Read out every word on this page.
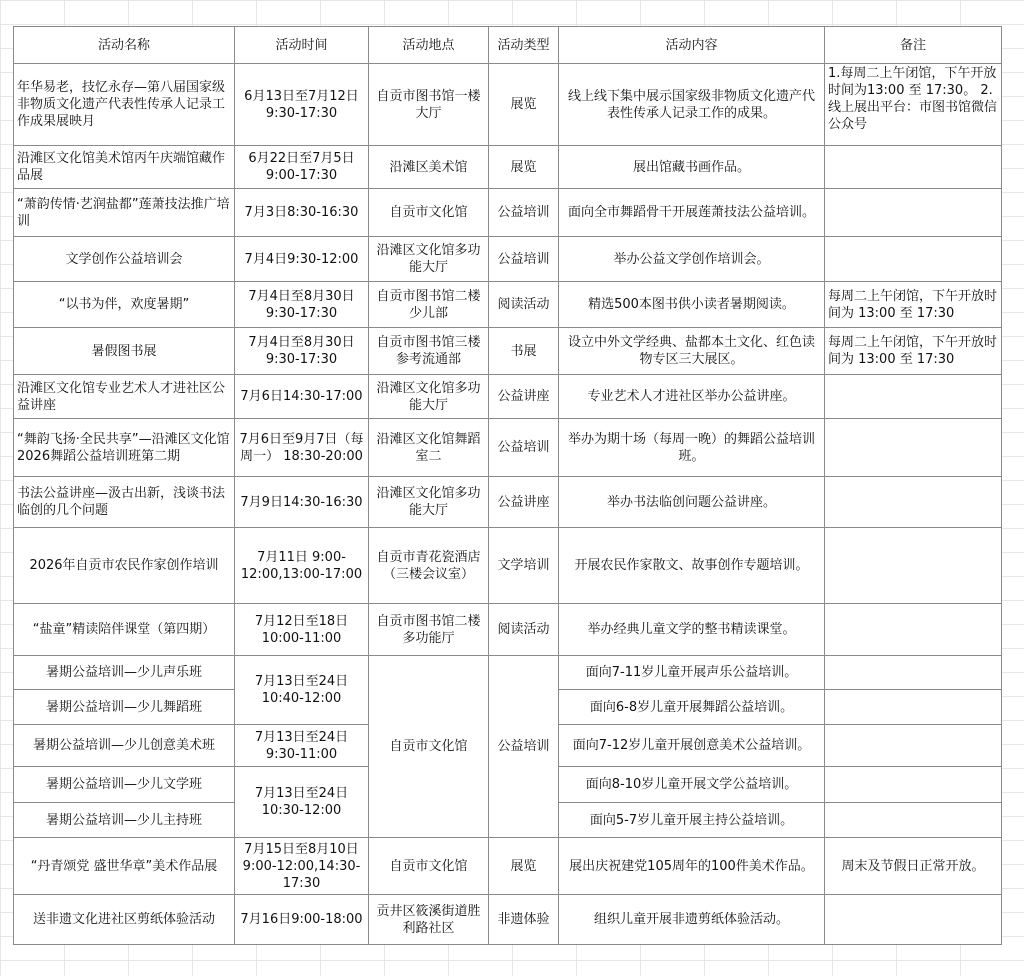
活动名称	活动时间	活动地点	活动类型	活动内容	备注
年华易老，技忆永存—第八届国家级非物质文化遗产代表性传承人记录工作成果展映月	6月13日至7月12日 9:30-17:30	自贡市图书馆一楼大厅	展览	线上线下集中展示国家级非物质文化遗产代表性传承人记录工作的成果。	1.每周二上午闭馆，下午开放时间为13:00 至 17:30。 2.线上展出平台：市图书馆微信公众号

沿滩区文化馆美术馆丙午庆端馆藏作品展	6月22日至7月5日 9:00-17:30	沿滩区美术馆	展览	展出馆藏书画作品。	
“萧韵传情·艺润盐都”莲萧技法推广培训	7月3日8:30-16:30	自贡市文化馆	公益培训	面向全市舞蹈骨干开展莲萧技法公益培训。	
文学创作公益培训会	7月4日9:30-12:00	沿滩区文化馆多功能大厅	公益培训	举办公益文学创作培训会。	
“以书为伴，欢度暑期”	7月4日至8月30日 9:30-17:30	自贡市图书馆二楼少儿部	阅读活动	精选500本图书供小读者暑期阅读。	每周二上午闭馆，下午开放时间为 13:00 至 17:30
暑假图书展	7月4日至8月30日 9:30-17:30	自贡市图书馆三楼参考流通部	书展	设立中外文学经典、盐都本土文化、红色读物专区三大展区。	每周二上午闭馆，下午开放时间为 13:00 至 17:30
沿滩区文化馆专业艺术人才进社区公益讲座	7月6日14:30-17:00	沿滩区文化馆多功能大厅	公益讲座	专业艺术人才进社区举办公益讲座。	
“舞韵飞扬·全民共享”—沿滩区文化馆2026舞蹈公益培训班第二期	7月6日至9月7日（每周一） 18:30-20:00	沿滩区文化馆舞蹈室二	公益培训	举办为期十场（每周一晚）的舞蹈公益培训班。	
书法公益讲座—汲古出新，浅谈书法临创的几个问题	7月9日14:30-16:30	沿滩区文化馆多功能大厅	公益讲座	举办书法临创问题公益讲座。	
2026年自贡市农民作家创作培训	7月11日 9:00-12:00,13:00-17:00	自贡市青花瓷酒店 （三楼会议室）	文学培训	开展农民作家散文、故事创作专题培训。	
“盐童”精读陪伴课堂（第四期）	7月12日至18日 10:00-11:00	自贡市图书馆二楼多功能厅	阅读活动	举办经典儿童文学的整书精读课堂。	
暑期公益培训—少儿声乐班	7月13日至24日 10:40-12:00	自贡市文化馆	公益培训	面向7-11岁儿童开展声乐公益培训。	
暑期公益培训—少儿舞蹈班				面向6-8岁儿童开展舞蹈公益培训。	
暑期公益培训—少儿创意美术班	7月13日至24日 9:30-11:00			面向7-12岁儿童开展创意美术公益培训。	
暑期公益培训—少儿文学班	7月13日至24日 10:30-12:00			面向8-10岁儿童开展文学公益培训。	
暑期公益培训—少儿主持班				面向5-7岁儿童开展主持公益培训。	
“丹青颂党 盛世华章”美术作品展	7月15日至8月10日 9:00-12:00,14:30-17:30	自贡市文化馆	展览	展出庆祝建党105周年的100件美术作品。	周末及节假日正常开放。
送非遗文化进社区剪纸体验活动	7月16日9:00-18:00	贡井区筱溪街道胜利路社区	非遗体验	组织儿童开展非遗剪纸体验活动。	
